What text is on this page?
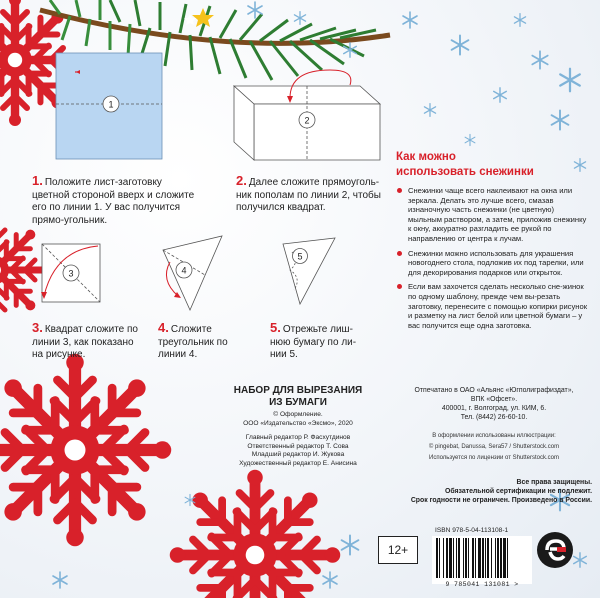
1
2
3	4
5
1. Положите лист-заготовку цветной стороной вверх и сложите его по линии 1. У вас получится прямо-угольник.
2. Далее сложите прямоуголь-ник пополам по линии 2, чтобы получился квадрат.
3. Квадрат сложите по линии 3, как показано на рисунке.
4. Сложите треугольник по линии 4.
5. Отрежьте лиш-нюю бумагу по ли-нии 5.
Как можно
использовать снежинки
Снежинки чаще всего наклеивают на окна или зеркала. Делать это лучше всего, смазав изнаночную часть снежинки (не цветную) мыльным раствором, а затем, приложив снежинку к окну, аккуратно разгладить ее рукой по направлению от центра к лучам.
Снежинки можно использовать для украшения новогоднего стола, подложив их под тарелки, или для декорирования подарков или открыток.
Если вам захочется сделать несколько сне-жинок по одному шаблону, прежде чем вы-резать заготовку, перенесите с помощью копирки рисунок и разметку на лист белой или цветной бумаги – у вас получится еще одна заготовка.
НАБОР ДЛЯ ВЫРЕЗАНИЯ
ИЗ БУМАГИ
© Оформление.
ООО «Издательство «Эксмо», 2020
Главный редактор Р. Фасхутдинов
Ответственный редактор Т. Сова
Младший редактор И. Жукова
Художественный редактор Е. Анисина
Отпечатано в ОАО «Альянс «Югполиграфиздат»,
ВПК «Офсет».
400001, г. Волгоград, ул. КИМ, 6.
Тел. (8442) 26-60-10.
В оформлении использованы иллюстрации:
© pingebat, Danussa, Sera57 / Shutterstock.com
Используется по лицензии от Shutterstock.com
Все права защищены.
Обязательной сертификации не подлежит.
Срок годности не ограничен. Произведено в России.
12+
ISBN 978-5-04-113108-1
9 785041 131081 >
